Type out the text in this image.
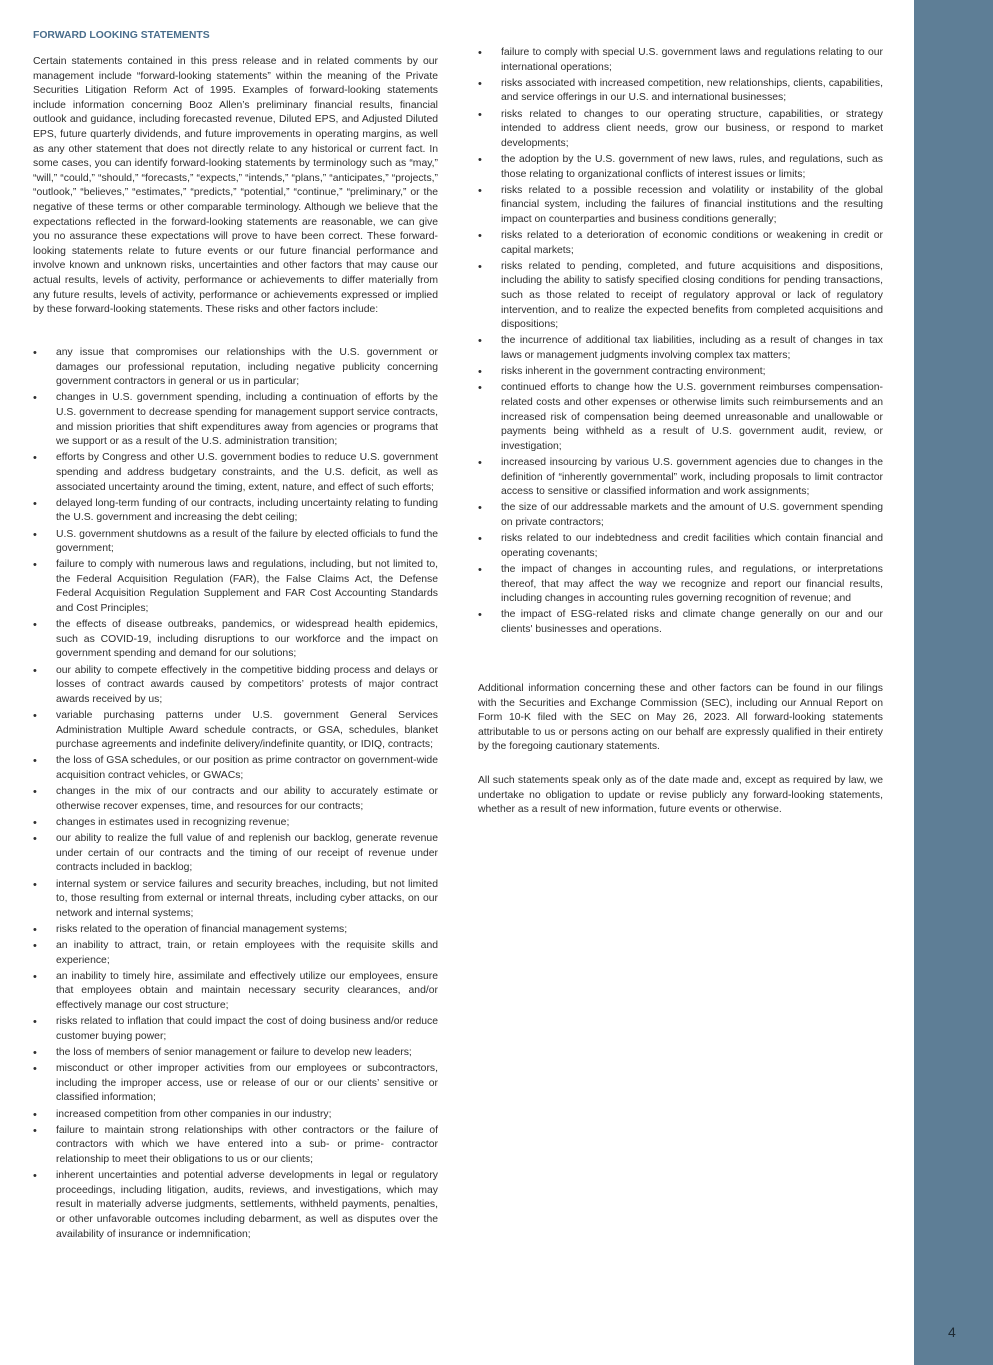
FORWARD LOOKING STATEMENTS

Certain statements contained in this press release and in related comments by our management include “forward-looking statements” within the meaning of the Private Securities Litigation Reform Act of 1995. Examples of forward-looking statements include information concerning Booz Allen’s preliminary financial results, financial outlook and guidance, including forecasted revenue, Diluted EPS, and Adjusted Diluted EPS, future quarterly dividends, and future improvements in operating margins, as well as any other statement that does not directly relate to any historical or current fact. In some cases, you can identify forward-looking statements by terminology such as “may,” “will,” “could,” “should,” “forecasts,” “expects,” “intends,” “plans,” “anticipates,” “projects,” “outlook,” “believes,” “estimates,” “predicts,” “potential,” “continue,” “preliminary,” or the negative of these terms or other comparable terminology. Although we believe that the expectations reflected in the forward-looking statements are reasonable, we can give you no assurance these expectations will prove to have been correct. These forward-looking statements relate to future events or our future financial performance and involve known and unknown risks, uncertainties and other factors that may cause our actual results, levels of activity, performance or achievements to differ materially from any future results, levels of activity, performance or achievements expressed or implied by these forward-looking statements. These risks and other factors include:

• any issue that compromises our relationships with the U.S. government or damages our professional reputation, including negative publicity concerning government contractors in general or us in particular;
• changes in U.S. government spending, including a continuation of efforts by the U.S. government to decrease spending for management support service contracts, and mission priorities that shift expenditures away from agencies or programs that we support or as a result of the U.S. administration transition;
• efforts by Congress and other U.S. government bodies to reduce U.S. government spending and address budgetary constraints, and the U.S. deficit, as well as associated uncertainty around the timing, extent, nature, and effect of such efforts;
• delayed long-term funding of our contracts, including uncertainty relating to funding the U.S. government and increasing the debt ceiling;
• U.S. government shutdowns as a result of the failure by elected officials to fund the government;
• failure to comply with numerous laws and regulations, including, but not limited to, the Federal Acquisition Regulation (FAR), the False Claims Act, the Defense Federal Acquisition Regulation Supplement and FAR Cost Accounting Standards and Cost Principles;
• the effects of disease outbreaks, pandemics, or widespread health epidemics, such as COVID-19, including disruptions to our workforce and the impact on government spending and demand for our solutions;
• our ability to compete effectively in the competitive bidding process and delays or losses of contract awards caused by competitors’ protests of major contract awards received by us;
• variable purchasing patterns under U.S. government General Services Administration Multiple Award schedule contracts, or GSA, schedules, blanket purchase agreements and indefinite delivery/indefinite quantity, or IDIQ, contracts;
• the loss of GSA schedules, or our position as prime contractor on government-wide acquisition contract vehicles, or GWACs;
• changes in the mix of our contracts and our ability to accurately estimate or otherwise recover expenses, time, and resources for our contracts;
• changes in estimates used in recognizing revenue;
• our ability to realize the full value of and replenish our backlog, generate revenue under certain of our contracts and the timing of our receipt of revenue under contracts included in backlog;
• internal system or service failures and security breaches, including, but not limited to, those resulting from external or internal threats, including cyber attacks, on our network and internal systems;
• risks related to the operation of financial management systems;
• an inability to attract, train, or retain employees with the requisite skills and experience;
• an inability to timely hire, assimilate and effectively utilize our employees, ensure that employees obtain and maintain necessary security clearances, and/or effectively manage our cost structure;
• risks related to inflation that could impact the cost of doing business and/or reduce customer buying power;
• the loss of members of senior management or failure to develop new leaders;
• misconduct or other improper activities from our employees or subcontractors, including the improper access, use or release of our or our clients’ sensitive or classified information;
• increased competition from other companies in our industry;
• failure to maintain strong relationships with other contractors or the failure of contractors with which we have entered into a sub- or prime- contractor relationship to meet their obligations to us or our clients;
• inherent uncertainties and potential adverse developments in legal or regulatory proceedings, including litigation, audits, reviews, and investigations, which may result in materially adverse judgments, settlements, withheld payments, penalties, or other unfavorable outcomes including debarment, as well as disputes over the availability of insurance or indemnification;
• failure to comply with special U.S. government laws and regulations relating to our international operations;
• risks associated with increased competition, new relationships, clients, capabilities, and service offerings in our U.S. and international businesses;
• risks related to changes to our operating structure, capabilities, or strategy intended to address client needs, grow our business, or respond to market developments;
• the adoption by the U.S. government of new laws, rules, and regulations, such as those relating to organizational conflicts of interest issues or limits;
• risks related to a possible recession and volatility or instability of the global financial system, including the failures of financial institutions and the resulting impact on counterparties and business conditions generally;
• risks related to a deterioration of economic conditions or weakening in credit or capital markets;
• risks related to pending, completed, and future acquisitions and dispositions, including the ability to satisfy specified closing conditions for pending transactions, such as those related to receipt of regulatory approval or lack of regulatory intervention, and to realize the expected benefits from completed acquisitions and dispositions;
• the incurrence of additional tax liabilities, including as a result of changes in tax laws or management judgments involving complex tax matters;
• risks inherent in the government contracting environment;
• continued efforts to change how the U.S. government reimburses compensation-related costs and other expenses or otherwise limits such reimbursements and an increased risk of compensation being deemed unreasonable and unallowable or payments being withheld as a result of U.S. government audit, review, or investigation;
• increased insourcing by various U.S. government agencies due to changes in the definition of “inherently governmental” work, including proposals to limit contractor access to sensitive or classified information and work assignments;
• the size of our addressable markets and the amount of U.S. government spending on private contractors;
• risks related to our indebtedness and credit facilities which contain financial and operating covenants;
• the impact of changes in accounting rules, and regulations, or interpretations thereof, that may affect the way we recognize and report our financial results, including changes in accounting rules governing recognition of revenue; and
• the impact of ESG-related risks and climate change generally on our and our clients' businesses and operations.

Additional information concerning these and other factors can be found in our filings with the Securities and Exchange Commission (SEC), including our Annual Report on Form 10-K filed with the SEC on May 26, 2023. All forward-looking statements attributable to us or persons acting on our behalf are expressly qualified in their entirety by the foregoing cautionary statements.

All such statements speak only as of the date made and, except as required by law, we undertake no obligation to update or revise publicly any forward-looking statements, whether as a result of new information, future events or otherwise.

4
